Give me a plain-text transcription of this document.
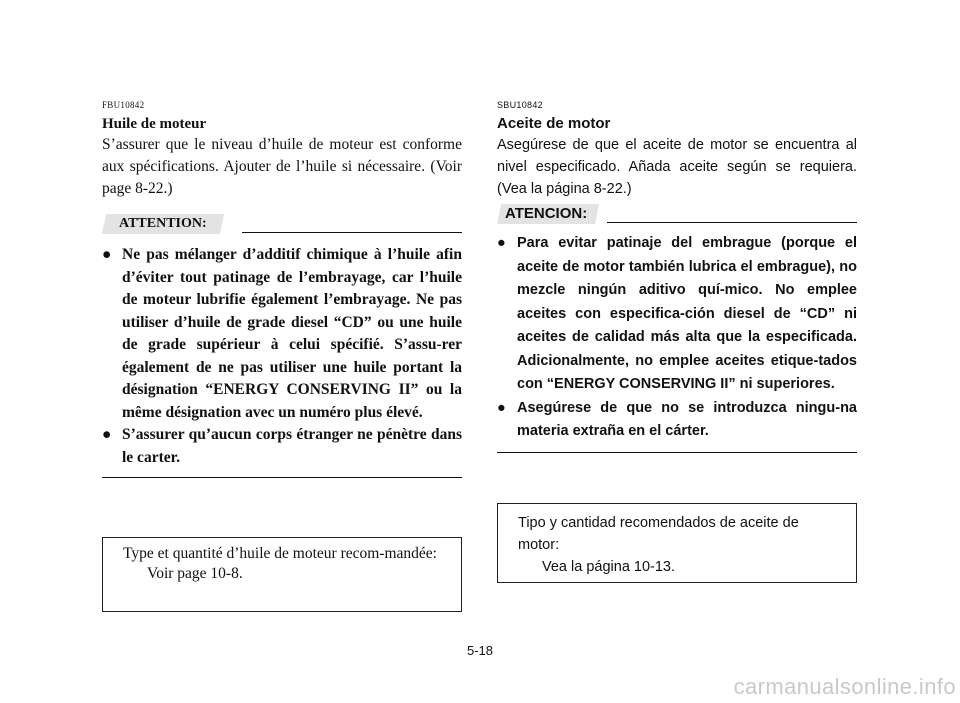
FBU10842

Huile de moteur

S’assurer que le niveau d’huile de moteur est conforme aux spécifications. Ajouter de l’huile si nécessaire. (Voir page 8-22.)

ATTENTION:
● Ne pas mélanger d’additif chimique à l’huile afin d’éviter tout patinage de l’embrayage, car l’huile de moteur lubrifie également l’embrayage. Ne pas utiliser d’huile de grade diesel “CD” ou une huile de grade supérieur à celui spécifié. S’assu-rer également de ne pas utiliser une huile portant la désignation “ENERGY CONSERVING II” ou la même désignation avec un numéro plus élevé.
● S’assurer qu’aucun corps étranger ne pénètre dans le carter.
Type et quantité d’huile de moteur recom-mandée:
Voir page 10-8.

SBU10842

Aceite de motor

Asegúrese de que el aceite de motor se encuentra al nivel especificado. Añada aceite según se requiera. (Vea la página 8-22.)

ATENCION:
● Para evitar patinaje del embrague (porque el aceite de motor también lubrica el embrague), no mezcle ningún aditivo quí-mico. No emplee aceites con especifica-ción diesel de “CD” ni aceites de calidad más alta que la especificada. Adicionalmente, no emplee aceites etique-tados con “ENERGY CONSERVING II” ni superiores.
● Asegúrese de que no se introduzca ningu-na materia extraña en el cárter.
Tipo y cantidad recomendados de aceite de motor:
Vea la página 10-13.
5-18
carmanualsonline.info
